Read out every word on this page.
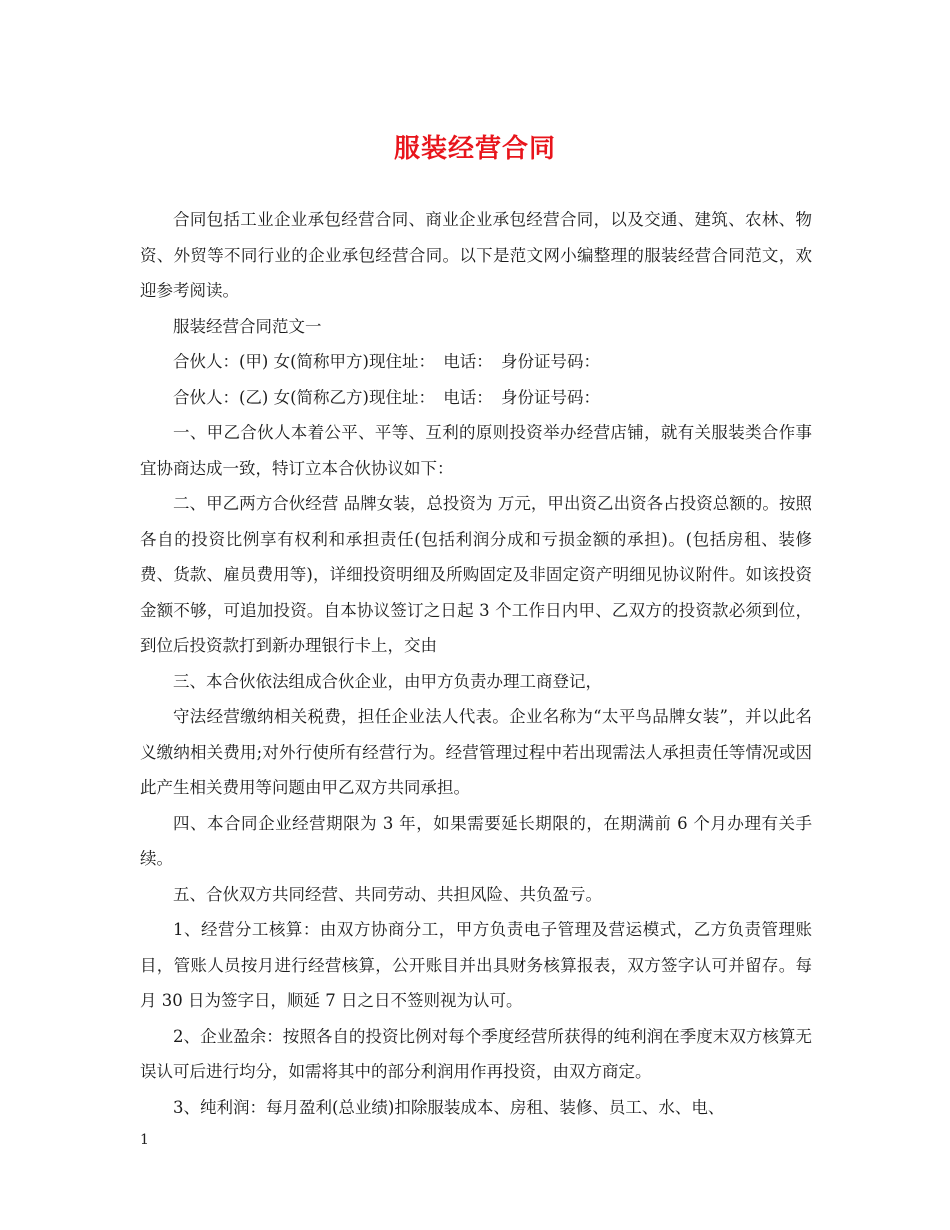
服装经营合同

合同包括工业企业承包经营合同、商业企业承包经营合同，以及交通、建筑、农林、物资、外贸等不同行业的企业承包经营合同。以下是范文网小编整理的服装经营合同范文，欢迎参考阅读。

服装经营合同范文一

合伙人：(甲) 女(简称甲方)现住址：　电话：　身份证号码：

合伙人：(乙) 女(简称乙方)现住址：　电话：　身份证号码：

一、甲乙合伙人本着公平、平等、互利的原则投资举办经营店铺，就有关服装类合作事宜协商达成一致，特订立本合伙协议如下：

二、甲乙两方合伙经营 品牌女装，总投资为 万元，甲出资乙出资各占投资总额的。按照各自的投资比例享有权利和承担责任(包括利润分成和亏损金额的承担)。(包括房租、装修费、货款、雇员费用等)，详细投资明细及所购固定及非固定资产明细见协议附件。如该投资金额不够，可追加投资。自本协议签订之日起 3 个工作日内甲、乙双方的投资款必须到位，到位后投资款打到新办理银行卡上，交由

三、本合伙依法组成合伙企业，由甲方负责办理工商登记，

守法经营缴纳相关税费，担任企业法人代表。企业名称为“太平鸟品牌女装”，并以此名义缴纳相关费用;对外行使所有经营行为。经营管理过程中若出现需法人承担责任等情况或因此产生相关费用等问题由甲乙双方共同承担。

四、本合同企业经营期限为 3 年，如果需要延长期限的，在期满前 6 个月办理有关手续。

五、合伙双方共同经营、共同劳动、共担风险、共负盈亏。

1、经营分工核算：由双方协商分工，甲方负责电子管理及营运模式，乙方负责管理账目，管账人员按月进行经营核算，公开账目并出具财务核算报表，双方签字认可并留存。每月 30 日为签字日，顺延 7 日之日不签则视为认可。

2、企业盈余：按照各自的投资比例对每个季度经营所获得的纯利润在季度末双方核算无误认可后进行均分，如需将其中的部分利润用作再投资，由双方商定。

3、纯利润：每月盈利(总业绩)扣除服装成本、房租、装修、员工、水、电、

1
